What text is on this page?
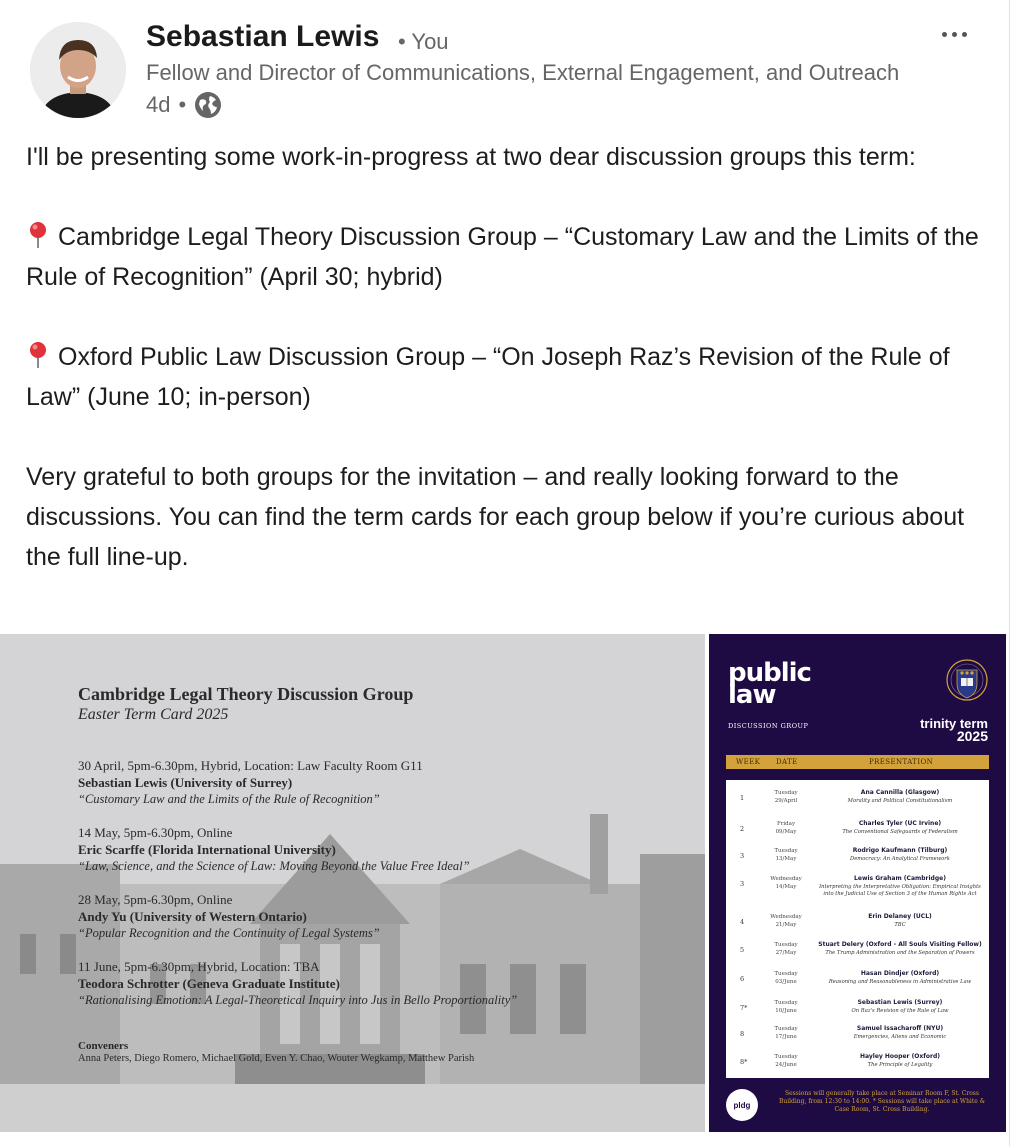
Sebastian Lewis • You
Fellow and Director of Communications, External Engagement, and Outreach
4d •

I'll be presenting some work-in-progress at two dear discussion groups this term:

Cambridge Legal Theory Discussion Group – “Customary Law and the Limits of the Rule of Recognition” (April 30; hybrid)

Oxford Public Law Discussion Group – “On Joseph Raz’s Revision of the Rule of Law” (June 10; in-person)

Very grateful to both groups for the invitation – and really looking forward to the discussions. You can find the term cards for each group below if you’re curious about the full line-up.

Cambridge Legal Theory Discussion Group
Easter Term Card 2025
30 April, 5pm-6.30pm, Hybrid, Location: Law Faculty Room G11
Sebastian Lewis (University of Surrey)
“Customary Law and the Limits of the Rule of Recognition”
14 May, 5pm-6.30pm, Online
Eric Scarffe (Florida International University)
“Law, Science, and the Science of Law: Moving Beyond the Value Free Ideal”
28 May, 5pm-6.30pm, Online
Andy Yu (University of Western Ontario)
“Popular Recognition and the Continuity of Legal Systems”
11 June, 5pm-6.30pm, Hybrid, Location: TBA
Teodora Schrotter (Geneva Graduate Institute)
“Rationalising Emotion: A Legal-Theoretical Inquiry into Jus in Bello Proportionality”
Conveners
Anna Peters, Diego Romero, Michael Gold, Even Y. Chao, Wouter Wegkamp, Matthew Parish
public
law
DISCUSSION GROUP	trinity term
2025
WEEK DATE	PRESENTATION
1
Tuesday
29/April
Ana Cannilla (Glasgow)
Morality and Political Constitutionalism
2
Friday
09/May
Charles Tyler (UC Irvine)
The Conventional Safeguards of Federalism
3
Tuesday
13/May
Rodrigo Kaufmann (Tilburg)
Democracy: An Analytical Framework
3
Wednesday
14/May
Lewis Graham (Cambridge)
Interpreting the Interpretative Obligation: Empirical Insights into the Judicial Use of Section 3 of the Human Rights Act
4
Wednesday
21/May
Erin Delaney (UCL)
TBC
5
Tuesday
27/May
Stuart Delery (Oxford - All Souls Visiting Fellow)
The Trump Administration and the Separation of Powers
6
Tuesday
03/June
Hasan Dindjer (Oxford)
Reasoning and Reasonableness in Administrative Law
7*
Tuesday
10/June
Sebastian Lewis (Surrey)
On Raz's Revision of the Rule of Law
8
Tuesday
17/June
Samuel Issacharoff (NYU)
Emergencies, Aliens and Economic
8*
Tuesday
24/June
Hayley Hooper (Oxford)
The Principle of Legality
pldg
Sessions will generally take place at Seminar Room F, St. Cross Building, from 12:30 to 14:00. * Sessions will take place at White & Case Room, St. Cross Building.
